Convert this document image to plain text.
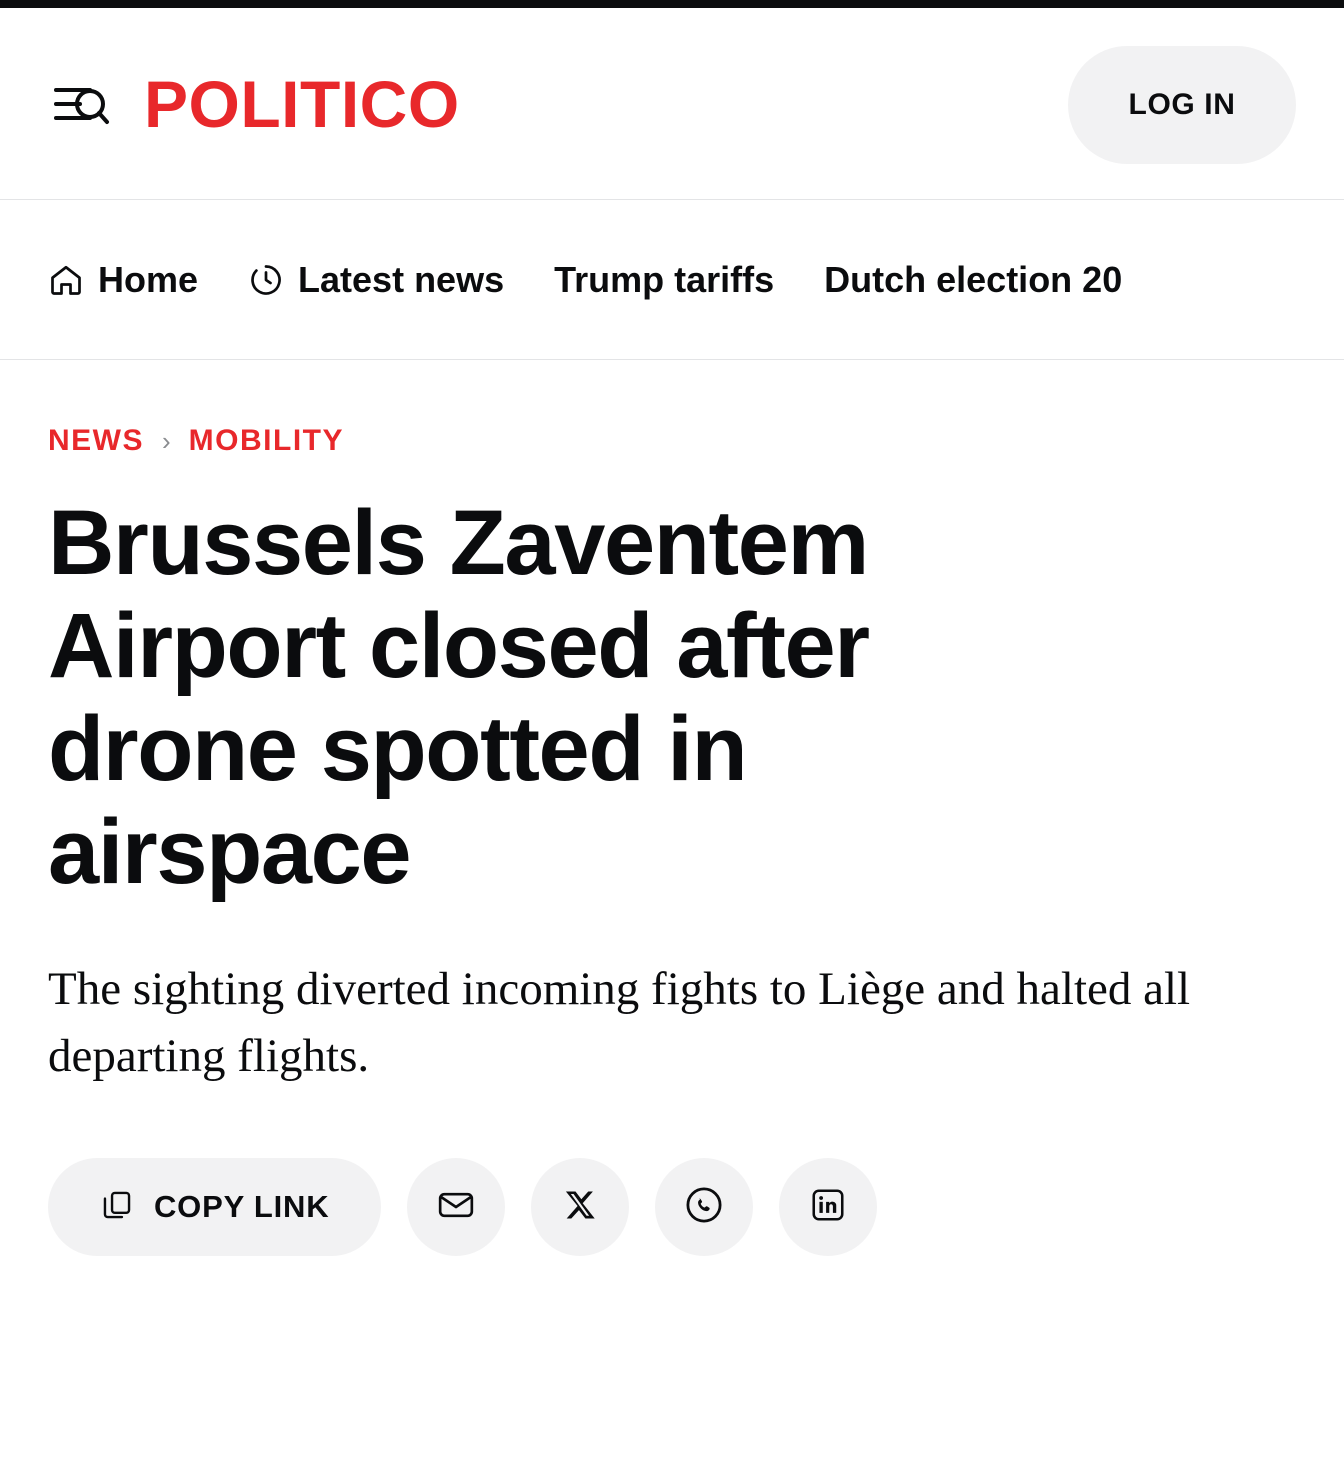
POLITICO	LOG IN
Home	Latest news Trump tariffs Dutch election 20
NEWS › MOBILITY
Brussels Zaventem Airport closed after drone spotted in airspace

The sighting diverted incoming fights to Liège and halted all departing flights.

COPY LINK
